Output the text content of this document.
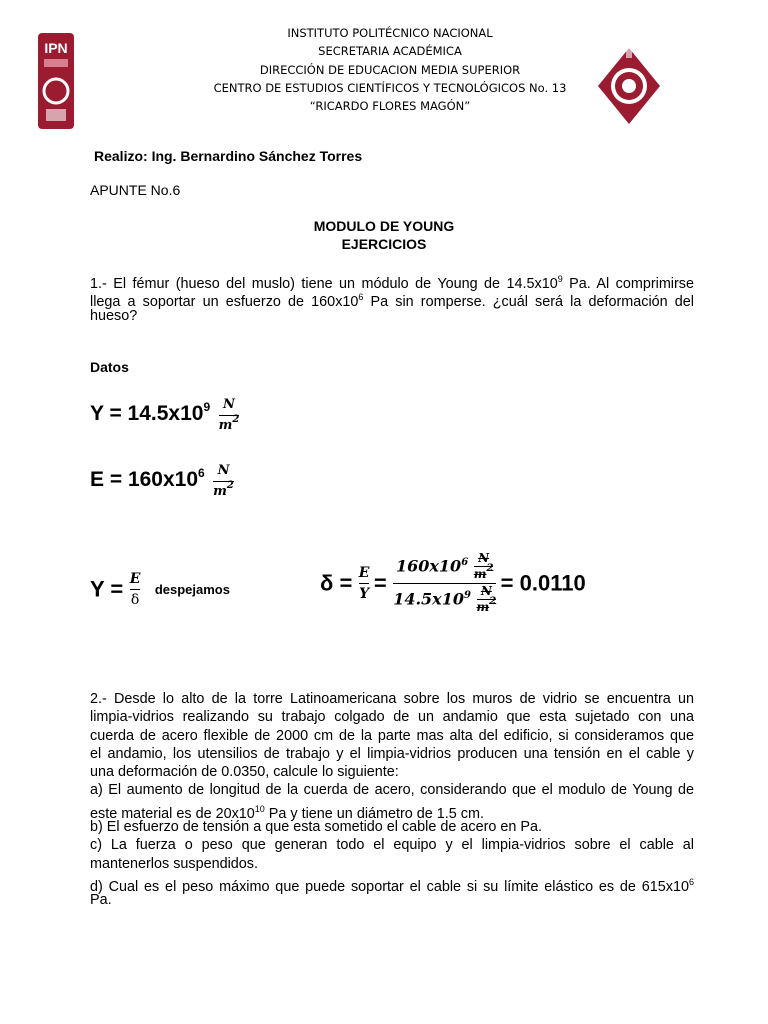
IPN
INSTITUTO POLITÉCNICO NACIONAL
SECRETARIA ACADÉMICA
DIRECCIÓN DE EDUCACION MEDIA SUPERIOR
CENTRO DE ESTUDIOS CIENTÍFICOS Y TECNOLÓGICOS No. 13
“RICARDO FLORES MAGÓN”
Realizo: Ing. Bernardino Sánchez Torres
APUNTE No.6
MODULO DE YOUNG
EJERCICIOS
1.- El fémur (hueso del muslo) tiene un módulo de Young de $14.5x10^9$ Pa. Al comprimirse
llega a soportar un esfuerzo de $160x10^6$ Pa sin romperse. ¿cuál será la deformación del
hueso?
Datos
$Y = 14.5x10^9 \frac{N}{m^2}$
$E = 160x10^6 \frac{N}{m^2}$
$Y = \frac{E}{\delta}$ despejamos	$\delta = \frac{E}{Y} = \frac{160x10^6 \frac{N}{m^2}}{14.5x10^9 \frac{N}{m^2}} = 0.0110$
2.- Desde lo alto de la torre Latinoamericana sobre los muros de vidrio se encuentra un
limpia-vidrios realizando su trabajo colgado de un andamio que esta sujetado con una
cuerda de acero flexible de 2000 cm de la parte mas alta del edificio, si consideramos que
el andamio, los utensilios de trabajo y el limpia-vidrios producen una tensión en el cable y
una deformación de 0.0350, calcule lo siguiente:
a) El aumento de longitud de la cuerda de acero, considerando que el modulo de Young de
este material es de $20x10^{10}$ Pa y tiene un diámetro de 1.5 cm.
b) El esfuerzo de tensión a que esta sometido el cable de acero en Pa.
c) La fuerza o peso que generan todo el equipo y el limpia-vidrios sobre el cable al
mantenerlos suspendidos.
d) Cual es el peso máximo que puede soportar el cable si su límite elástico es de $615x10^6$
Pa.
